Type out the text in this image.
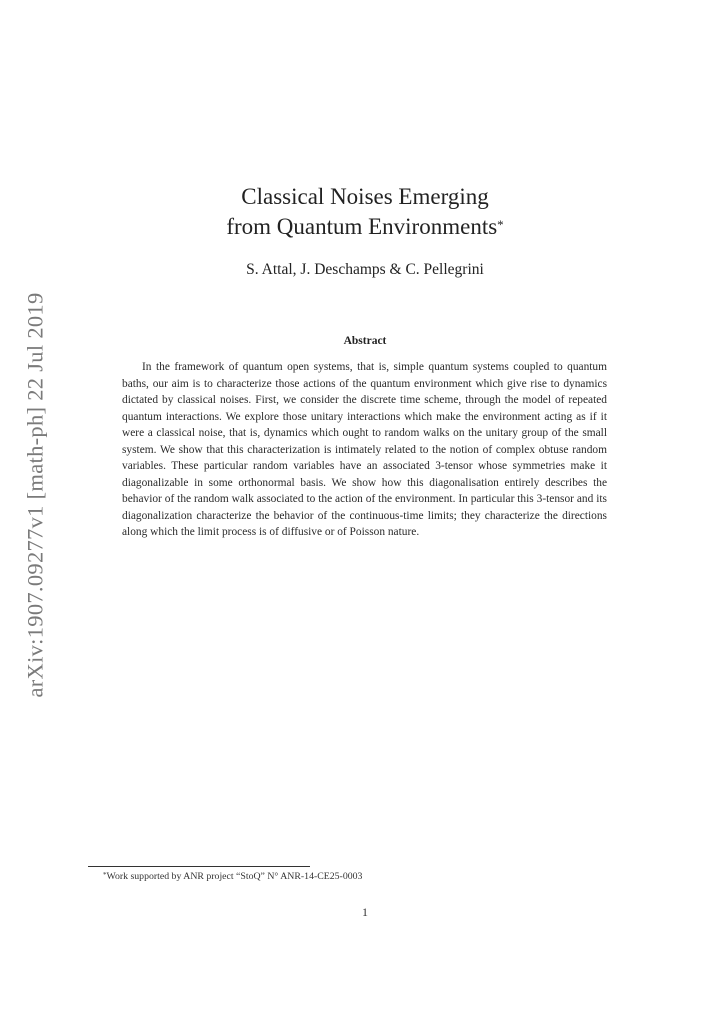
arXiv:1907.09277v1 [math-ph] 22 Jul 2019
Classical Noises Emerging
from Quantum Environments*
S. Attal, J. Deschamps & C. Pellegrini
Abstract

In the framework of quantum open systems, that is, simple quantum systems coupled to quantum baths, our aim is to characterize those actions of the quantum environment which give rise to dynamics dictated by classical noises. First, we consider the discrete time scheme, through the model of repeated quantum interactions. We explore those unitary interactions which make the environment acting as if it were a classical noise, that is, dynamics which ought to random walks on the unitary group of the small system. We show that this characterization is intimately related to the notion of complex obtuse random variables. These particular random variables have an associated 3-tensor whose symmetries make it diagonalizable in some orthonormal basis. We show how this diagonalisation entirely describes the behavior of the random walk associated to the action of the environment. In particular this 3-tensor and its diagonalization characterize the behavior of the continuous-time limits; they characterize the directions along which the limit process is of diffusive or of Poisson nature.

*Work supported by ANR project “StoQ” N° ANR-14-CE25-0003
1
